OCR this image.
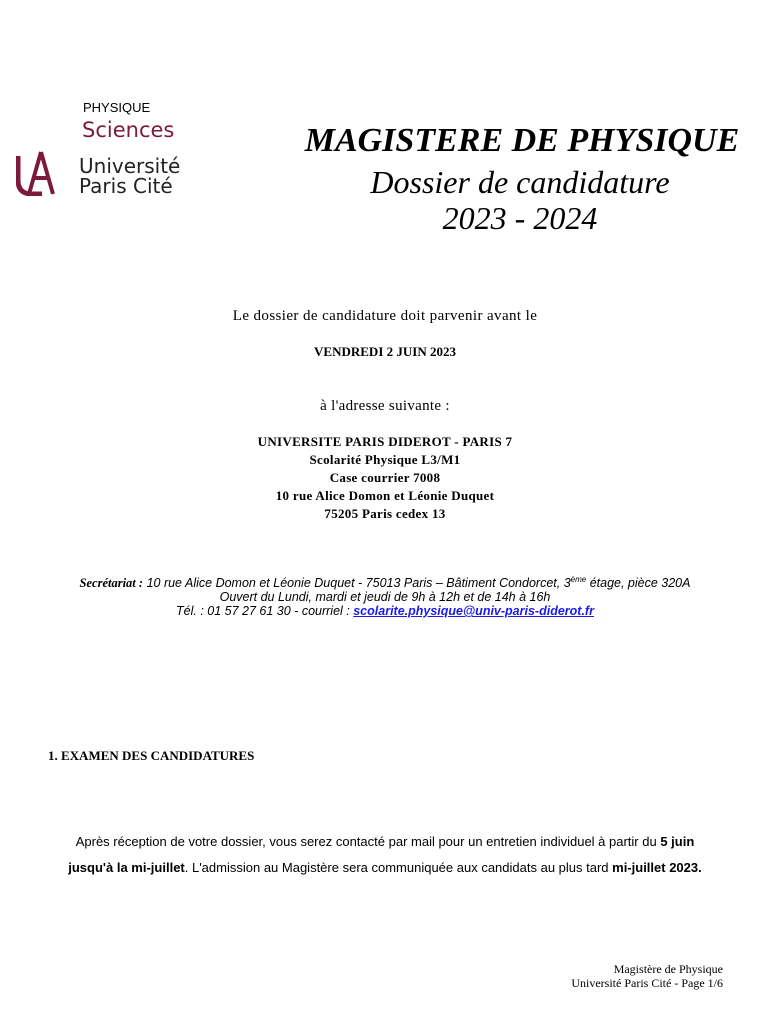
PHYSIQUE
Sciences
Université
Paris Cité
MAGISTERE DE PHYSIQUE
Dossier de candidature
2023 - 2024
Le dossier de candidature doit parvenir avant le
VENDREDI 2 JUIN 2023
à l'adresse suivante :
UNIVERSITE PARIS DIDEROT - PARIS 7
Scolarité Physique L3/M1
Case courrier 7008
10 rue Alice Domon et Léonie Duquet
75205 Paris cedex 13
Secrétariat : 10 rue Alice Domon et Léonie Duquet - 75013 Paris – Bâtiment Condorcet, 3ème étage, pièce 320A
Ouvert du Lundi, mardi et jeudi de 9h à 12h et de 14h à 16h
Tél. : 01 57 27 61 30 - courriel : scolarite.physique@univ-paris-diderot.fr
1. EXAMEN DES CANDIDATURES
Après réception de votre dossier, vous serez contacté par mail pour un entretien individuel à partir du 5 juin
jusqu'à la mi-juillet. L'admission au Magistère sera communiquée aux candidats au plus tard mi-juillet 2023.
Magistère de Physique
Université Paris Cité - Page 1/6
